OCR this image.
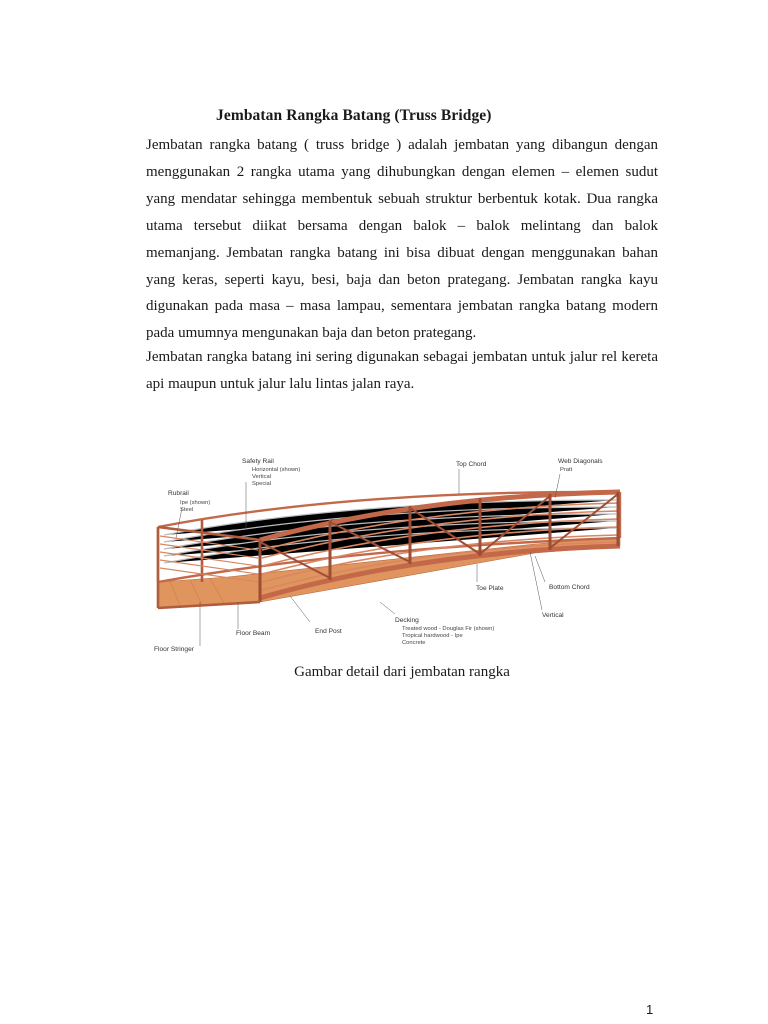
Jembatan Rangka Batang (Truss Bridge)

Jembatan rangka batang ( truss bridge ) adalah jembatan yang dibangun dengan menggunakan 2 rangka utama yang dihubungkan dengan elemen – elemen sudut yang mendatar sehingga membentuk sebuah struktur berbentuk kotak. Dua rangka utama tersebut diikat bersama dengan balok – balok melintang dan balok memanjang. Jembatan rangka batang ini bisa dibuat dengan menggunakan bahan yang keras, seperti kayu, besi, baja dan beton prategang. Jembatan rangka kayu digunakan pada masa – masa lampau, sementara jembatan rangka batang modern pada umumnya mengunakan baja dan beton prategang.

Jembatan rangka batang ini sering digunakan sebagai jembatan untuk jalur rel kereta api maupun untuk jalur lalu lintas jalan raya.

Safety Rail
Horizontal (shown)
Vertical
Special
Rubrail
Ipe (shown)
Steel
Top Chord	Web Diagonals
Pratt
Toe Plate	Bottom Chord
Vertical
Decking
Treated wood - Douglas Fir (shown)
Tropical hardwood - Ipe
Concrete
End Post
Floor Beam
Floor Stringer
Gambar detail dari jembatan rangka
1
